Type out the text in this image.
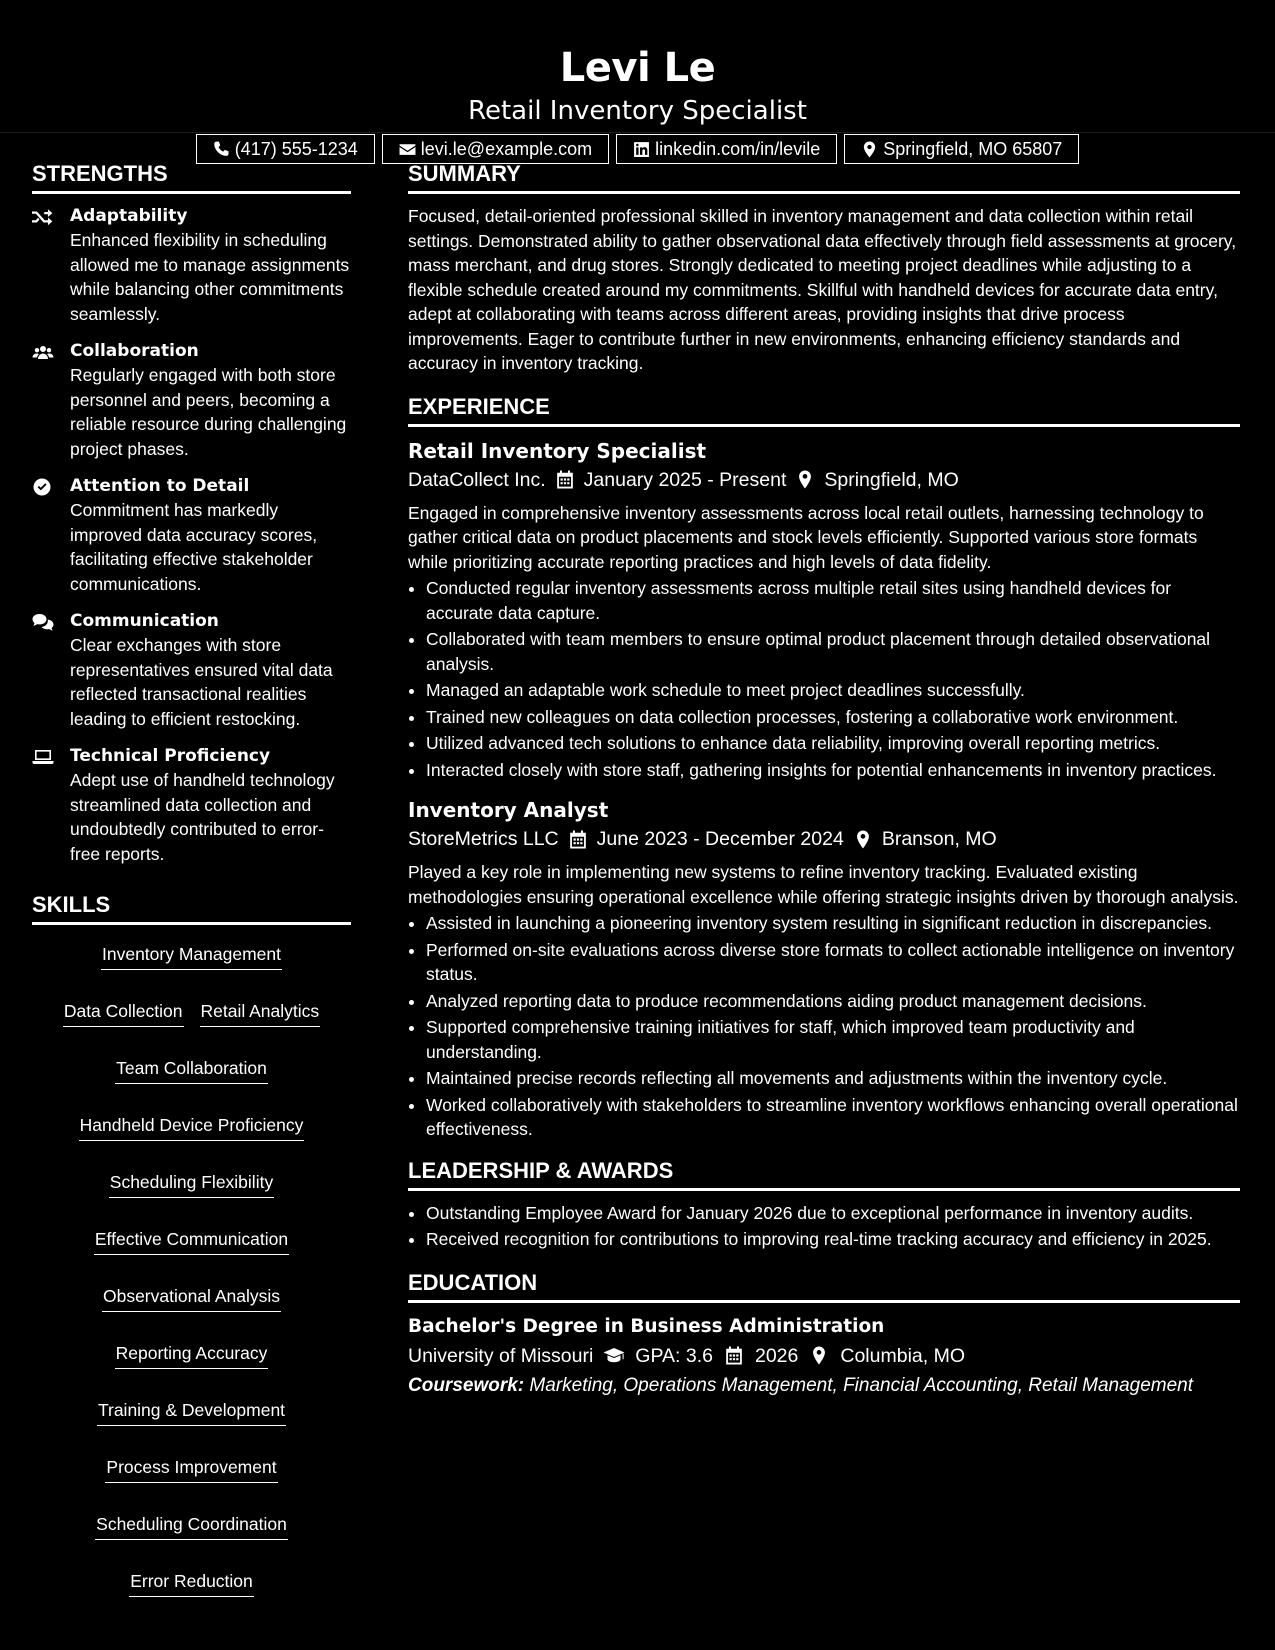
Levi Le
Retail Inventory Specialist
(417) 555-1234	levi.le@example.com	linkedin.com/in/levile	Springfield, MO 65807
STRENGTHS
Adaptability
Enhanced flexibility in scheduling allowed me to manage assignments while balancing other commitments seamlessly.
Collaboration
Regularly engaged with both store personnel and peers, becoming a reliable resource during challenging project phases.
Attention to Detail
Commitment has markedly improved data accuracy scores, facilitating effective stakeholder communications.
Communication
Clear exchanges with store representatives ensured vital data reflected transactional realities leading to efficient restocking.
Technical Proficiency
Adept use of handheld technology streamlined data collection and undoubtedly contributed to error-free reports.
SKILLS
Inventory Management
Data Collection Retail Analytics
Team Collaboration
Handheld Device Proficiency
Scheduling Flexibility
Effective Communication
Observational Analysis
Reporting Accuracy
Training & Development
Process Improvement
Scheduling Coordination
Error Reduction
SUMMARY
Focused, detail-oriented professional skilled in inventory management and data collection within retail settings. Demonstrated ability to gather observational data effectively through field assessments at grocery, mass merchant, and drug stores. Strongly dedicated to meeting project deadlines while adjusting to a flexible schedule created around my commitments. Skillful with handheld devices for accurate data entry, adept at collaborating with teams across different areas, providing insights that drive process improvements. Eager to contribute further in new environments, enhancing efficiency standards and accuracy in inventory tracking.
EXPERIENCE
Retail Inventory Specialist
DataCollect Inc. January 2025 - Present Springfield, MO
Engaged in comprehensive inventory assessments across local retail outlets, harnessing technology to gather critical data on product placements and stock levels efficiently. Supported various store formats while prioritizing accurate reporting practices and high levels of data fidelity.
• Conducted regular inventory assessments across multiple retail sites using handheld devices for accurate data capture.
• Collaborated with team members to ensure optimal product placement through detailed observational analysis.
• Managed an adaptable work schedule to meet project deadlines successfully.
• Trained new colleagues on data collection processes, fostering a collaborative work environment.
• Utilized advanced tech solutions to enhance data reliability, improving overall reporting metrics.
• Interacted closely with store staff, gathering insights for potential enhancements in inventory practices.
Inventory Analyst
StoreMetrics LLC June 2023 - December 2024 Branson, MO
Played a key role in implementing new systems to refine inventory tracking. Evaluated existing methodologies ensuring operational excellence while offering strategic insights driven by thorough analysis.
• Assisted in launching a pioneering inventory system resulting in significant reduction in discrepancies.
• Performed on-site evaluations across diverse store formats to collect actionable intelligence on inventory status.
• Analyzed reporting data to produce recommendations aiding product management decisions.
• Supported comprehensive training initiatives for staff, which improved team productivity and understanding.
• Maintained precise records reflecting all movements and adjustments within the inventory cycle.
• Worked collaboratively with stakeholders to streamline inventory workflows enhancing overall operational effectiveness.
LEADERSHIP & AWARDS
• Outstanding Employee Award for January 2026 due to exceptional performance in inventory audits.
• Received recognition for contributions to improving real-time tracking accuracy and efficiency in 2025.
EDUCATION
Bachelor's Degree in Business Administration
University of Missouri GPA: 3.6 2026 Columbia, MO
Coursework: Marketing, Operations Management, Financial Accounting, Retail Management
